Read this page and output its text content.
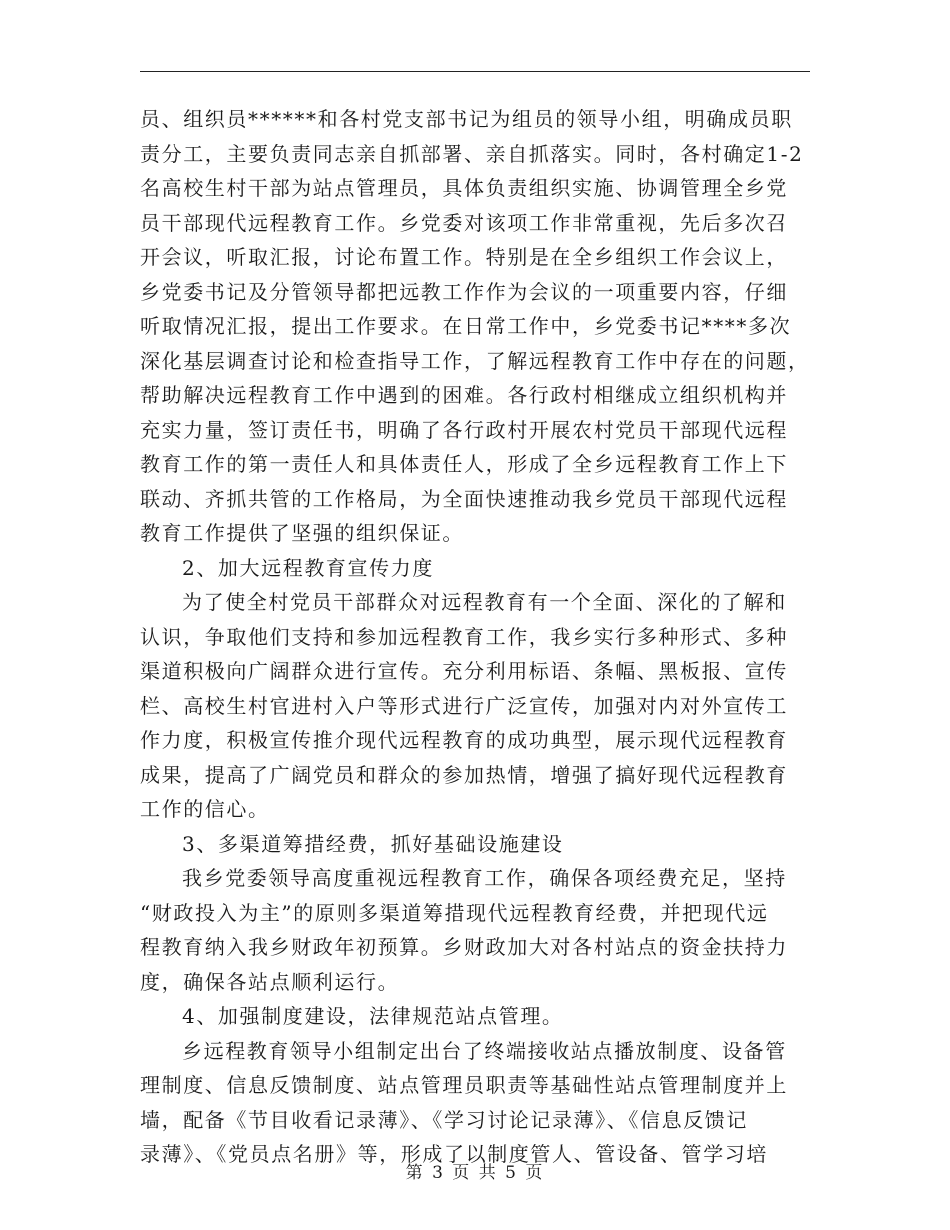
员、组织员******和各村党支部书记为组员的领导小组，明确成员职
责分工，主要负责同志亲自抓部署、亲自抓落实。同时，各村确定1-2
名高校生村干部为站点管理员，具体负责组织实施、协调管理全乡党
员干部现代远程教育工作。乡党委对该项工作非常重视，先后多次召
开会议，听取汇报，讨论布置工作。特别是在全乡组织工作会议上，
乡党委书记及分管领导都把远教工作作为会议的一项重要内容，仔细
听取情况汇报，提出工作要求。在日常工作中，乡党委书记****多次
深化基层调查讨论和检查指导工作，了解远程教育工作中存在的问题，
帮助解决远程教育工作中遇到的困难。各行政村相继成立组织机构并
充实力量，签订责任书，明确了各行政村开展农村党员干部现代远程
教育工作的第一责任人和具体责任人，形成了全乡远程教育工作上下
联动、齐抓共管的工作格局，为全面快速推动我乡党员干部现代远程
教育工作提供了坚强的组织保证。
2、加大远程教育宣传力度
为了使全村党员干部群众对远程教育有一个全面、深化的了解和
认识，争取他们支持和参加远程教育工作，我乡实行多种形式、多种
渠道积极向广阔群众进行宣传。充分利用标语、条幅、黑板报、宣传
栏、高校生村官进村入户等形式进行广泛宣传，加强对内对外宣传工
作力度，积极宣传推介现代远程教育的成功典型，展示现代远程教育
成果，提高了广阔党员和群众的参加热情，增强了搞好现代远程教育
工作的信心。
3、多渠道筹措经费，抓好基础设施建设
我乡党委领导高度重视远程教育工作，确保各项经费充足，坚持
“财政投入为主”的原则多渠道筹措现代远程教育经费，并把现代远
程教育纳入我乡财政年初预算。乡财政加大对各村站点的资金扶持力
度，确保各站点顺利运行。
4、加强制度建设，法律规范站点管理。
乡远程教育领导小组制定出台了终端接收站点播放制度、设备管
理制度、信息反馈制度、站点管理员职责等基础性站点管理制度并上
墙，配备《节目收看记录薄》、《学习讨论记录薄》、《信息反馈记
录薄》、《党员点名册》等，形成了以制度管人、管设备、管学习培
第 3 页 共 5 页
